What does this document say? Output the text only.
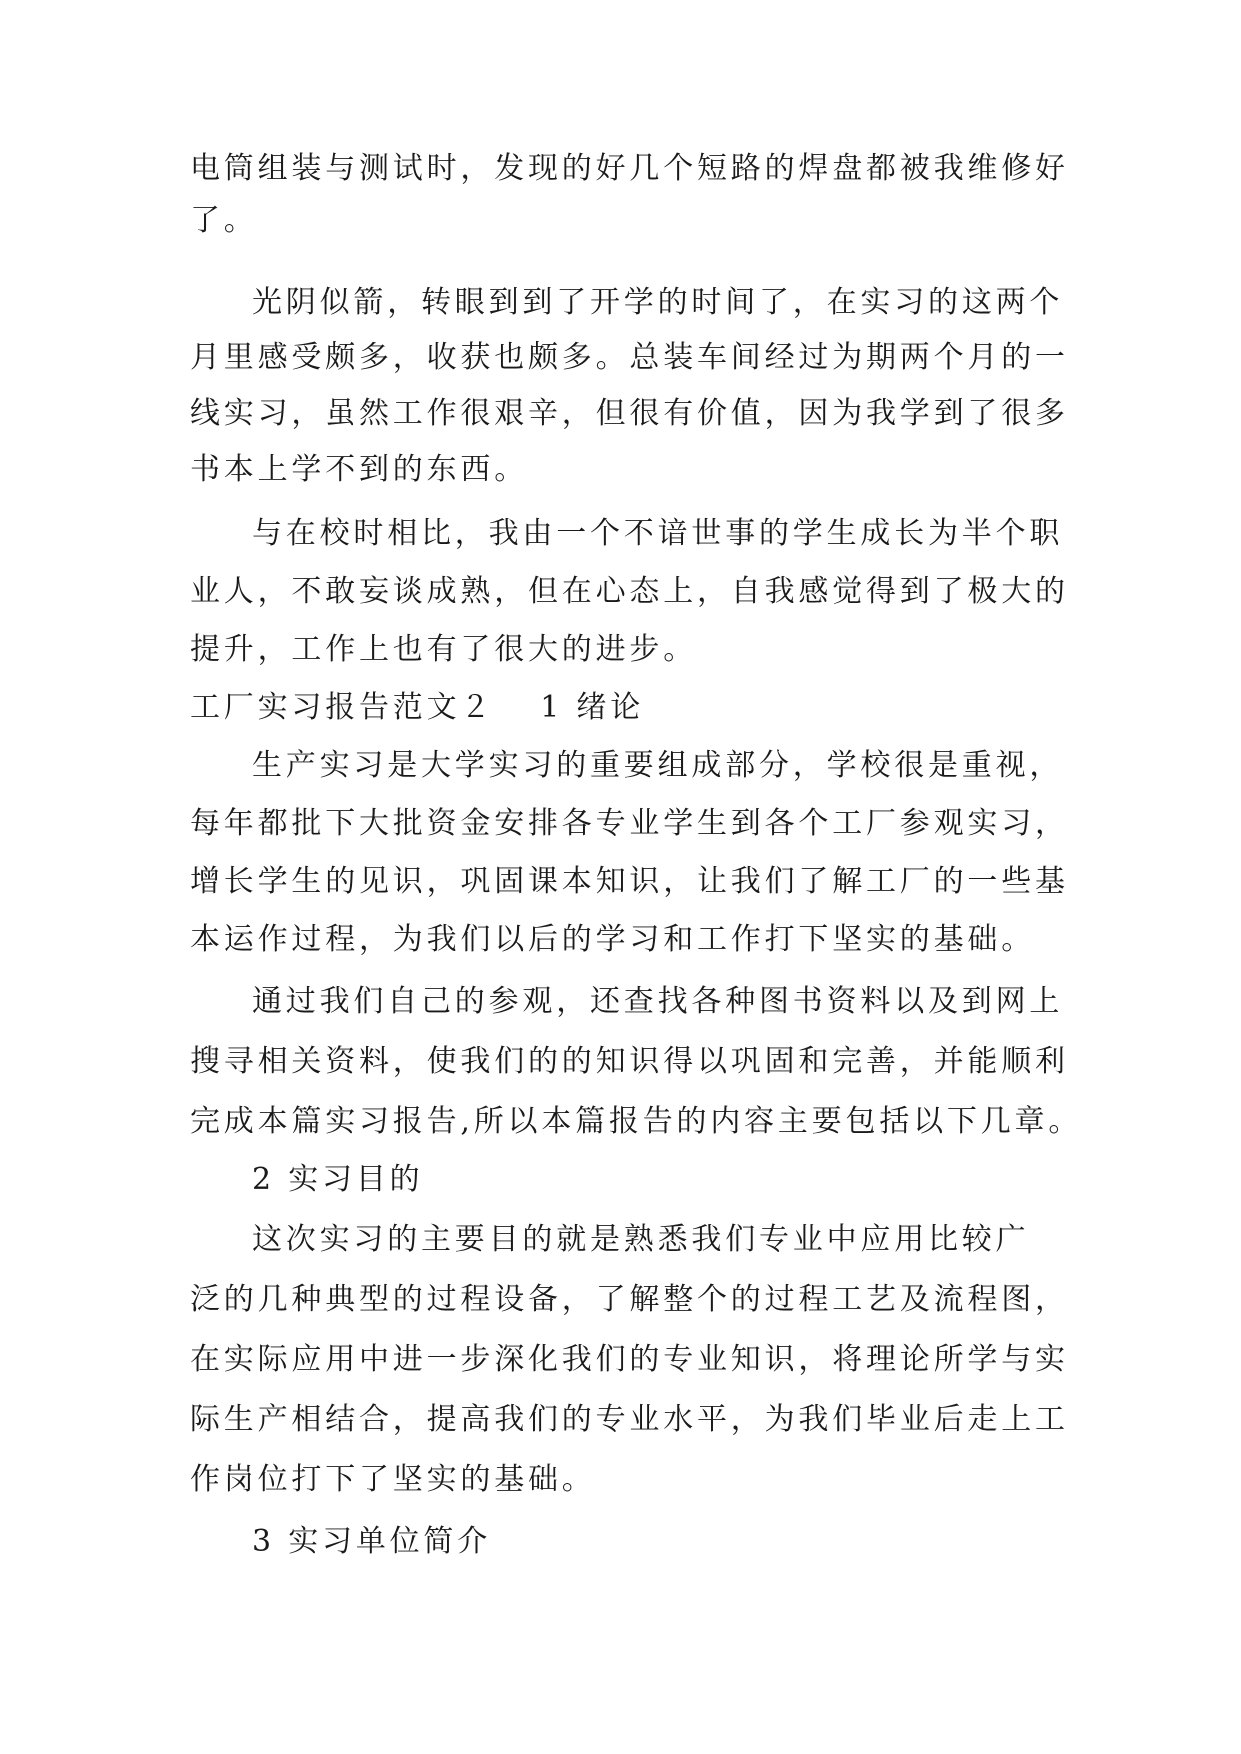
电筒组装与测试时，发现的好几个短路的焊盘都被我维修好
了。
光阴似箭，转眼到到了开学的时间了，在实习的这两个
月里感受颇多，收获也颇多。总装车间经过为期两个月的一
线实习，虽然工作很艰辛，但很有价值，因为我学到了很多
书本上学不到的东西。
与在校时相比，我由一个不谙世事的学生成长为半个职
业人，不敢妄谈成熟，但在心态上，自我感觉得到了极大的
提升，工作上也有了很大的进步。
工厂实习报告范文２ 1 绪论
生产实习是大学实习的重要组成部分，学校很是重视，
每年都批下大批资金安排各专业学生到各个工厂参观实习，
增长学生的见识，巩固课本知识，让我们了解工厂的一些基
本运作过程，为我们以后的学习和工作打下坚实的基础。
通过我们自己的参观，还查找各种图书资料以及到网上
搜寻相关资料，使我们的的知识得以巩固和完善，并能顺利
完成本篇实习报告,所以本篇报告的内容主要包括以下几章。
2 实习目的
这次实习的主要目的就是熟悉我们专业中应用比较广
泛的几种典型的过程设备，了解整个的过程工艺及流程图，
在实际应用中进一步深化我们的专业知识，将理论所学与实
际生产相结合，提高我们的专业水平，为我们毕业后走上工
作岗位打下了坚实的基础。
3 实习单位简介
